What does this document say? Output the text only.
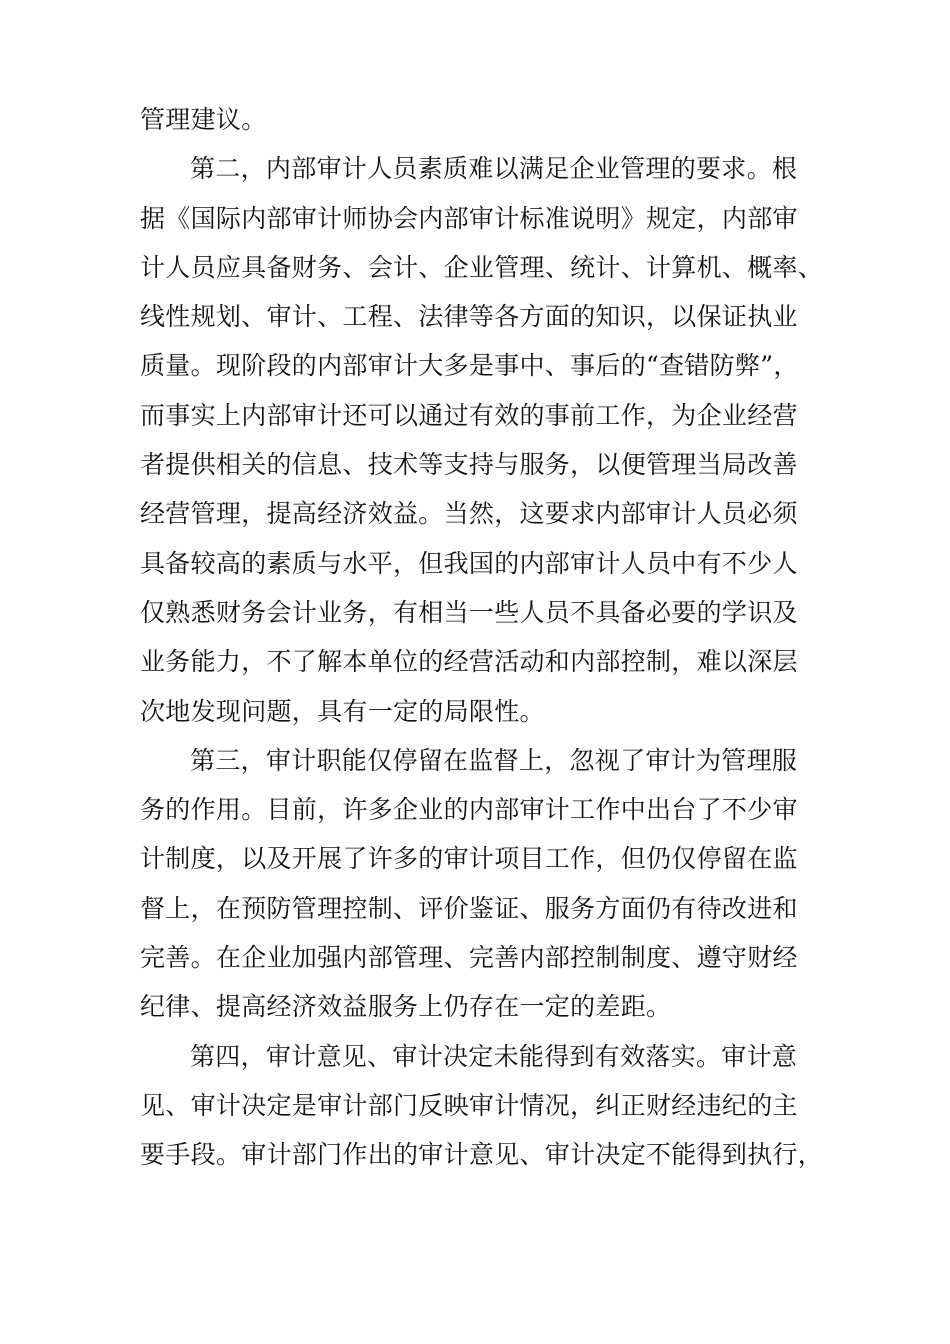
管理建议。
第二，内部审计人员素质难以满足企业管理的要求。根
据《国际内部审计师协会内部审计标准说明》规定，内部审
计人员应具备财务、会计、企业管理、统计、计算机、概率、
线性规划、审计、工程、法律等各方面的知识，以保证执业
质量。现阶段的内部审计大多是事中、事后的“查错防弊”，
而事实上内部审计还可以通过有效的事前工作，为企业经营
者提供相关的信息、技术等支持与服务，以便管理当局改善
经营管理，提高经济效益。当然，这要求内部审计人员必须
具备较高的素质与水平，但我国的内部审计人员中有不少人
仅熟悉财务会计业务，有相当一些人员不具备必要的学识及
业务能力，不了解本单位的经营活动和内部控制，难以深层
次地发现问题，具有一定的局限性。
第三，审计职能仅停留在监督上，忽视了审计为管理服
务的作用。目前，许多企业的内部审计工作中出台了不少审
计制度，以及开展了许多的审计项目工作，但仍仅停留在监
督上，在预防管理控制、评价鉴证、服务方面仍有待改进和
完善。在企业加强内部管理、完善内部控制制度、遵守财经
纪律、提高经济效益服务上仍存在一定的差距。
第四，审计意见、审计决定未能得到有效落实。审计意
见、审计决定是审计部门反映审计情况，纠正财经违纪的主
要手段。审计部门作出的审计意见、审计决定不能得到执行，
